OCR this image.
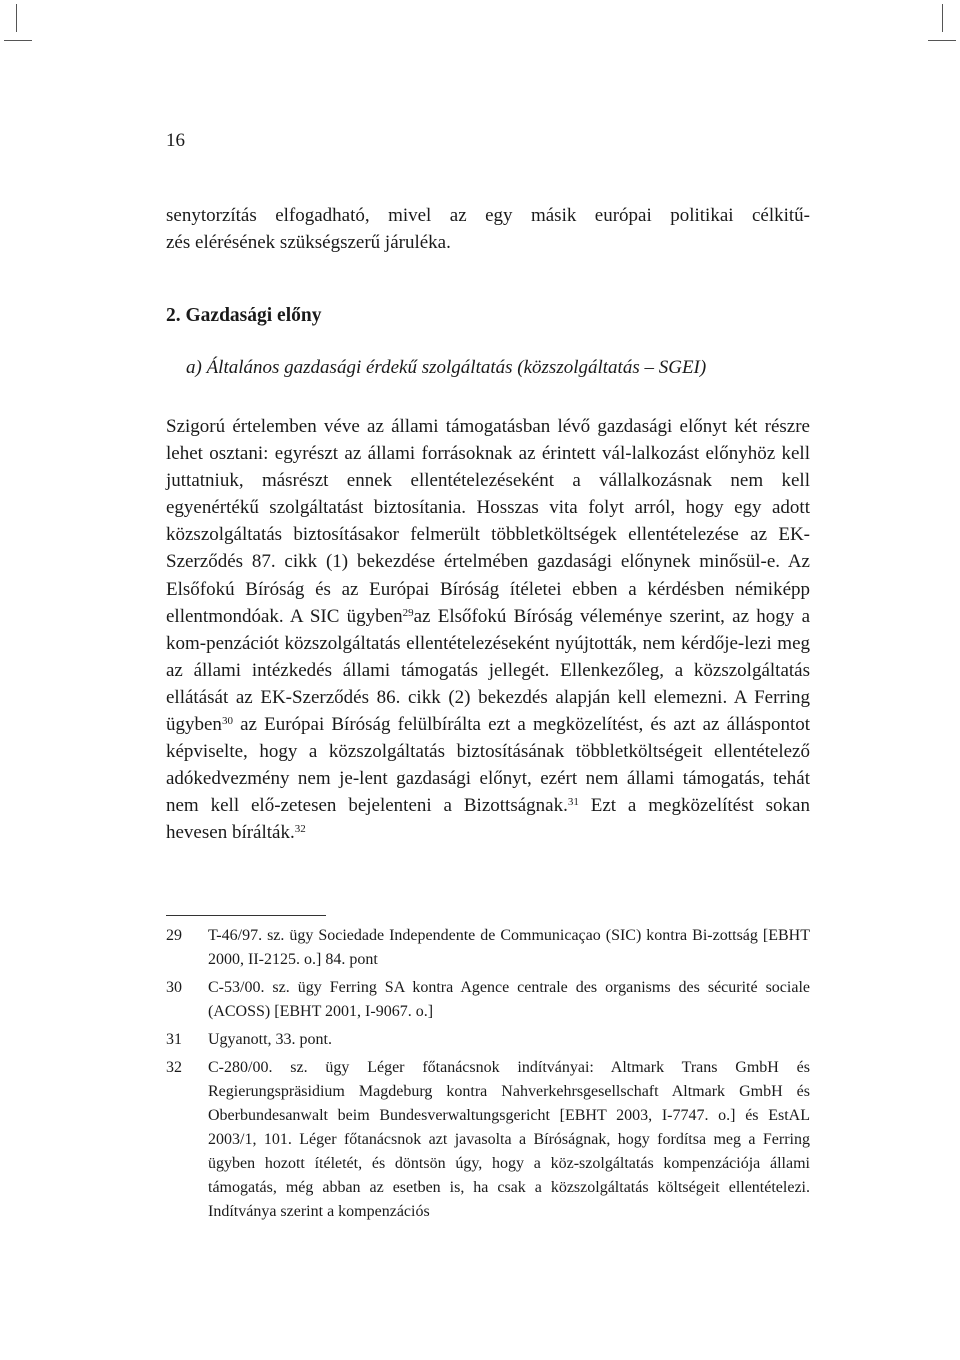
16
senytorzítás elfogadható, mivel az egy másik európai politikai célkitű-
zés elérésének szükségszerű járuléka.
2. Gazdasági előny
a) Általános gazdasági érdekű szolgáltatás (közszolgáltatás – SGEI)
Szigorú értelemben véve az állami támogatásban lévő gazdasági előnyt két részre lehet osztani: egyrészt az állami forrásoknak az érintett vál-lalkozást előnyhöz kell juttatniuk, másrészt ennek ellentételezéseként a vállalkozásnak nem kell egyenértékű szolgáltatást biztosítania. Hosszas vita folyt arról, hogy egy adott közszolgáltatás biztosításakor felmerült többletköltségek ellentételezése az EK-Szerződés 87. cikk (1) bekezdése értelmében gazdasági előnynek minősül-e. Az Elsőfokú Bíróság és az Európai Bíróság ítéletei ebben a kérdésben némiképp ellentmondóak. A SIC ügyben$^{29}$az Elsőfokú Bíróság véleménye szerint, az hogy a kom-penzációt közszolgáltatás ellentételezéseként nyújtották, nem kérdője-lezi meg az állami intézkedés állami támogatás jellegét. Ellenkezőleg, a közszolgáltatás ellátását az EK-Szerződés 86. cikk (2) bekezdés alapján kell elemezni. A Ferring ügyben$^{30}$ az Európai Bíróság felülbírálta ezt a megközelítést, és azt az álláspontot képviselte, hogy a közszolgáltatás biztosításának többletköltségeit ellentételező adókedvezmény nem je-lent gazdasági előnyt, ezért nem állami támogatás, tehát nem kell elő-zetesen bejelenteni a Bizottságnak.$^{31}$ Ezt a megközelítést sokan hevesen bírálták.$^{32}$
29	T-46/97. sz. ügy Sociedade Independente de Communicaçao (SIC) kontra Bi-zottság [EBHT 2000, II-2125. o.] 84. pont
30	C-53/00. sz. ügy Ferring SA kontra Agence centrale des organisms des sécurité sociale (ACOSS) [EBHT 2001, I-9067. o.]
31	Ugyanott, 33. pont.
32	C-280/00. sz. ügy Léger főtanácsnok indítványai: Altmark Trans GmbH és Regierungspräsidium Magdeburg kontra Nahverkehrsgesellschaft Altmark GmbH és Oberbundesanwalt beim Bundesverwaltungsgericht [EBHT 2003, I-7747. o.] és EstAL 2003/1, 101. Léger főtanácsnok azt javasolta a Bíróságnak, hogy fordítsa meg a Ferring ügyben hozott ítéletét, és döntsön úgy, hogy a köz-szolgáltatás kompenzációja állami támogatás, még abban az esetben is, ha csak a közszolgáltatás költségeit ellentételezi. Indítványa szerint a kompenzációs
